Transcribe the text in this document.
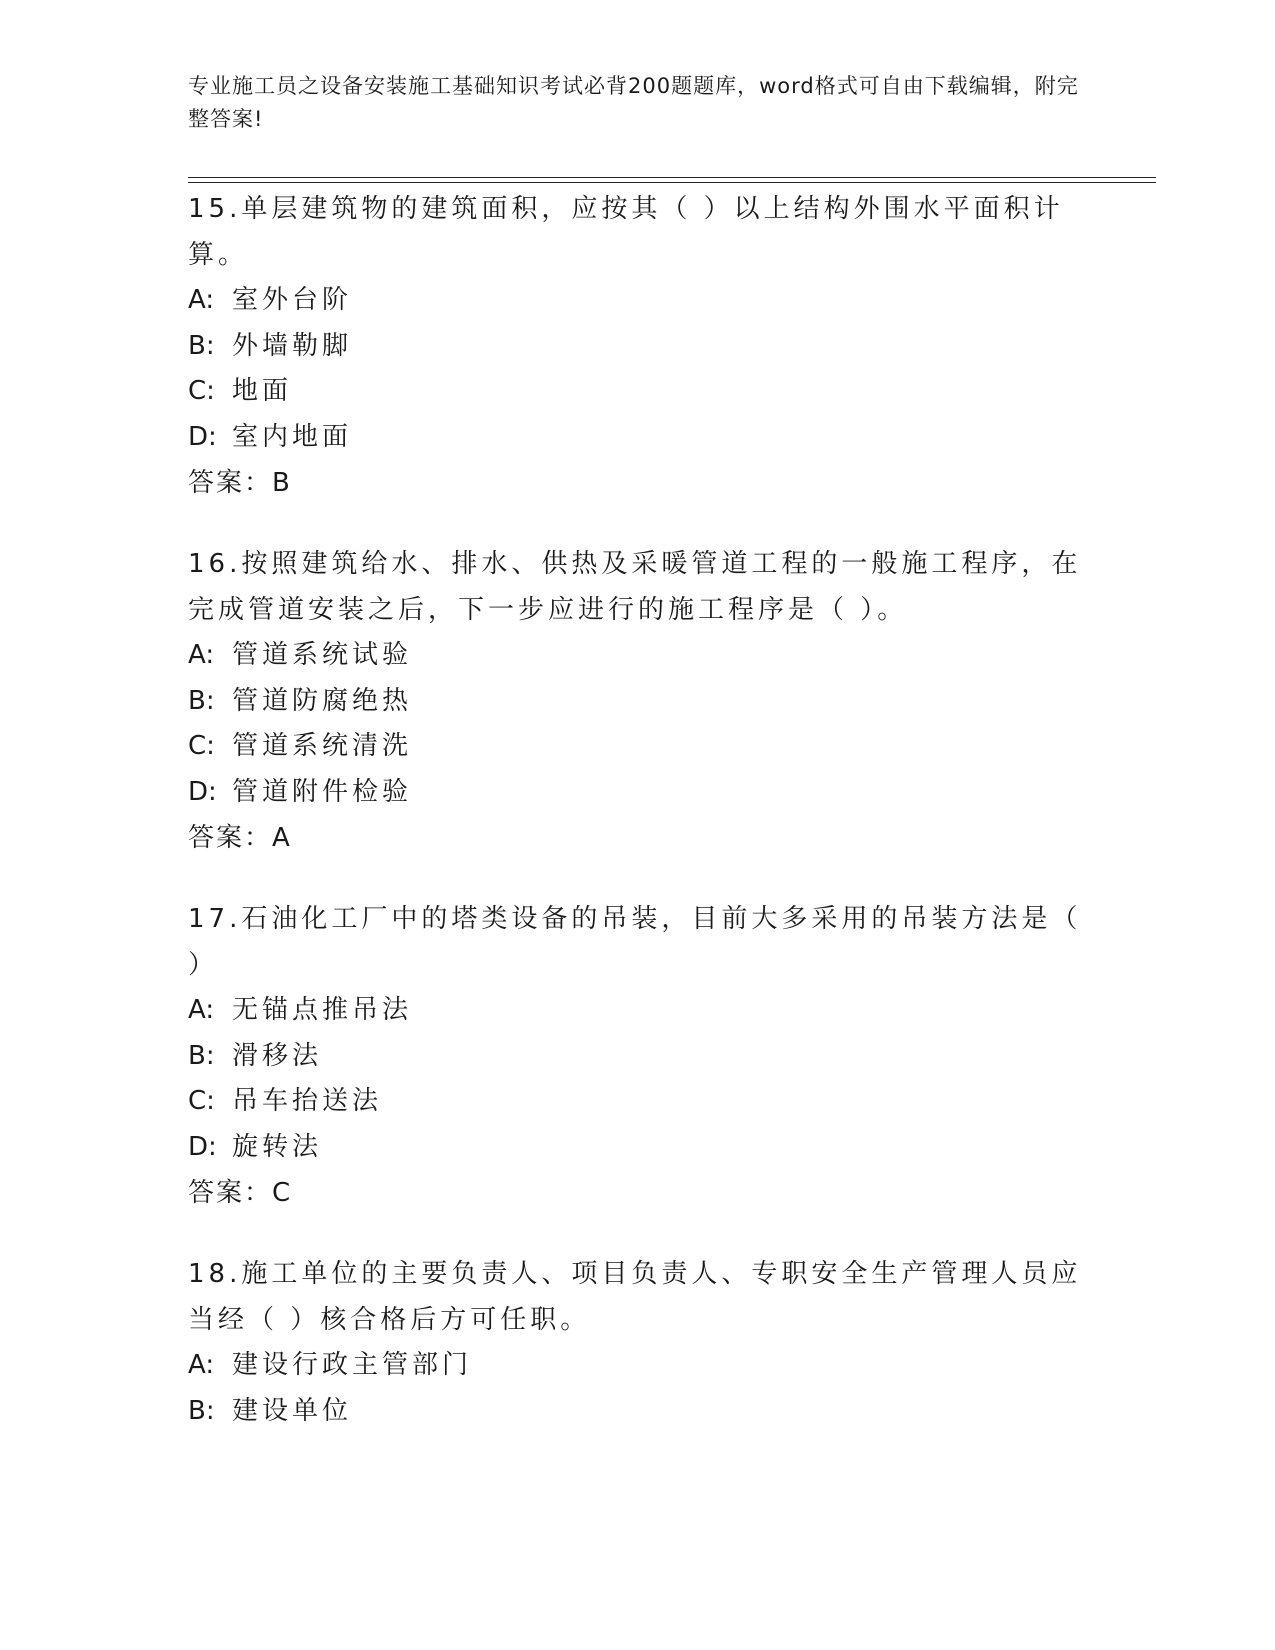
专业施工员之设备安装施工基础知识考试必背200题题库，word格式可自由下载编辑，附完整答案!
15.单层建筑物的建筑面积，应按其（ ）以上结构外围水平面积计算。
A: 室外台阶
B: 外墙勒脚
C: 地面
D: 室内地面
答案：B
16.按照建筑给水、排水、供热及采暖管道工程的一般施工程序，在完成管道安装之后，下一步应进行的施工程序是（ ）。
A: 管道系统试验
B: 管道防腐绝热
C: 管道系统清洗
D: 管道附件检验
答案：A
17.石油化工厂中的塔类设备的吊装，目前大多采用的吊装方法是（ ）
A: 无锚点推吊法
B: 滑移法
C: 吊车抬送法
D: 旋转法
答案：C
18.施工单位的主要负责人、项目负责人、专职安全生产管理人员应当经（ ）核合格后方可任职。
A: 建设行政主管部门
B: 建设单位
